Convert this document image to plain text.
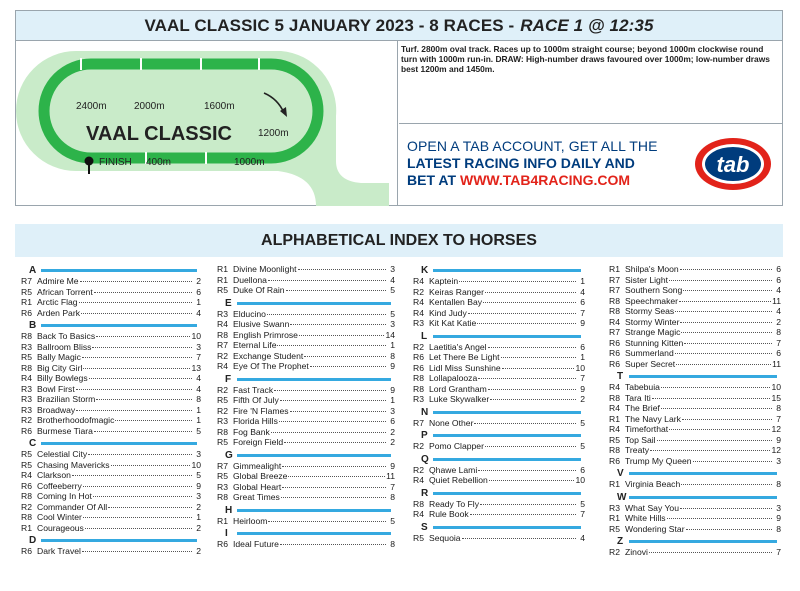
VAAL CLASSIC 5 JANUARY 2023 - 8 RACES - RACE 1 @ 12:35
2400m	2000m	1600m
1200m
1000m
400m
FINISH
VAAL CLASSIC
Turf. 2800m oval track. Races up to 1000m straight course; beyond 1000m clockwise round turn with 1000m run-in. DRAW: High-number draws favoured over 1000m; low-number draws best 1200m and 1450m.
OPEN A TAB ACCOUNT, GET ALL THE
LATEST RACING INFO DAILY AND
BET AT WWW.TAB4RACING.COM
tab
ALPHABETICAL INDEX TO HORSES
A
R7 Admire Me	2
R5 African Torrent	6
R1 Arctic Flag	1
R6 Arden Park	4
B
R8 Back To Basics	10
R3 Ballroom Bliss	3
R5 Bally Magic	7
R8 Big City Girl	13
R4 Billy Bowlegs	4
R3 Bowl First	4
R3 Brazilian Storm	8
R3 Broadway	1
R2 Brotherhoodofmagic	1
R6 Burmese Tiara	5
C
R5 Celestial City	3
R5 Chasing Mavericks	10
R4 Clarkson	5
R6 Coffeeberry	9
R8 Coming In Hot	3
R2 Commander Of All	2
R8 Cool Winter	1
R1 Courageous	2
D
R6 Dark Travel	2
R1 Divine Moonlight	3
R1 Duellona	4
R5 Duke Of Rain	5
E
R3 Elducino	5
R4 Elusive Swann	3
R8 English Primrose	14
R7 Eternal Life	1
R2 Exchange Student	8
R4 Eye Of The Prophet	9
F
R2 Fast Track	9
R5 Fifth Of July	1
R2 Fire 'N Flames	3
R3 Florida Hills	6
R8 Fog Bank	2
R5 Foreign Field	2
G
R7 Gimmealight	9
R5 Global Breeze	11
R3 Global Heart	7
R8 Great Times	8
H
R1 Heirloom	5
I
R6 Ideal Future	8
K
R4 Kaptein	1
R2 Keiras Ranger	4
R4 Kentallen Bay	6
R4 Kind Judy	7
R3 Kit Kat Katie	9
L
R2 Laetitia's Angel	6
R6 Let There Be Light	1
R6 Lidl Miss Sunshine	10
R8 Lollapalooza	7
R8 Lord Grantham	9
R3 Luke Skywalker	2
N
R7 None Other	5
P
R2 Pomo Clapper	5
Q
R2 Qhawe Lami	6
R4 Quiet Rebellion	10
R
R8 Ready To Fly	5
R4 Rule Book	7
S
R5 Sequoia	4
R1 Shilpa's Moon	6
R7 Sister Light	6
R7 Southern Song	4
R8 Speechmaker	11
R8 Stormy Seas	4
R4 Stormy Winter	2
R7 Strange Magic	8
R6 Stunning Kitten	7
R6 Summerland	6
R6 Super Secret	11
T
R4 Tabebuia	10
R8 Tara Iti	15
R4 The Brief	8
R1 The Navy Lark	7
R4 Timeforthat	12
R5 Top Sail	9
R8 Treaty	12
R6 Trump My Queen	3
V
R1 Virginia Beach	8
W
R3 What Say You	3
R1 White Hills	9
R5 Wondering Star	8
Z
R2 Zinovi	7
